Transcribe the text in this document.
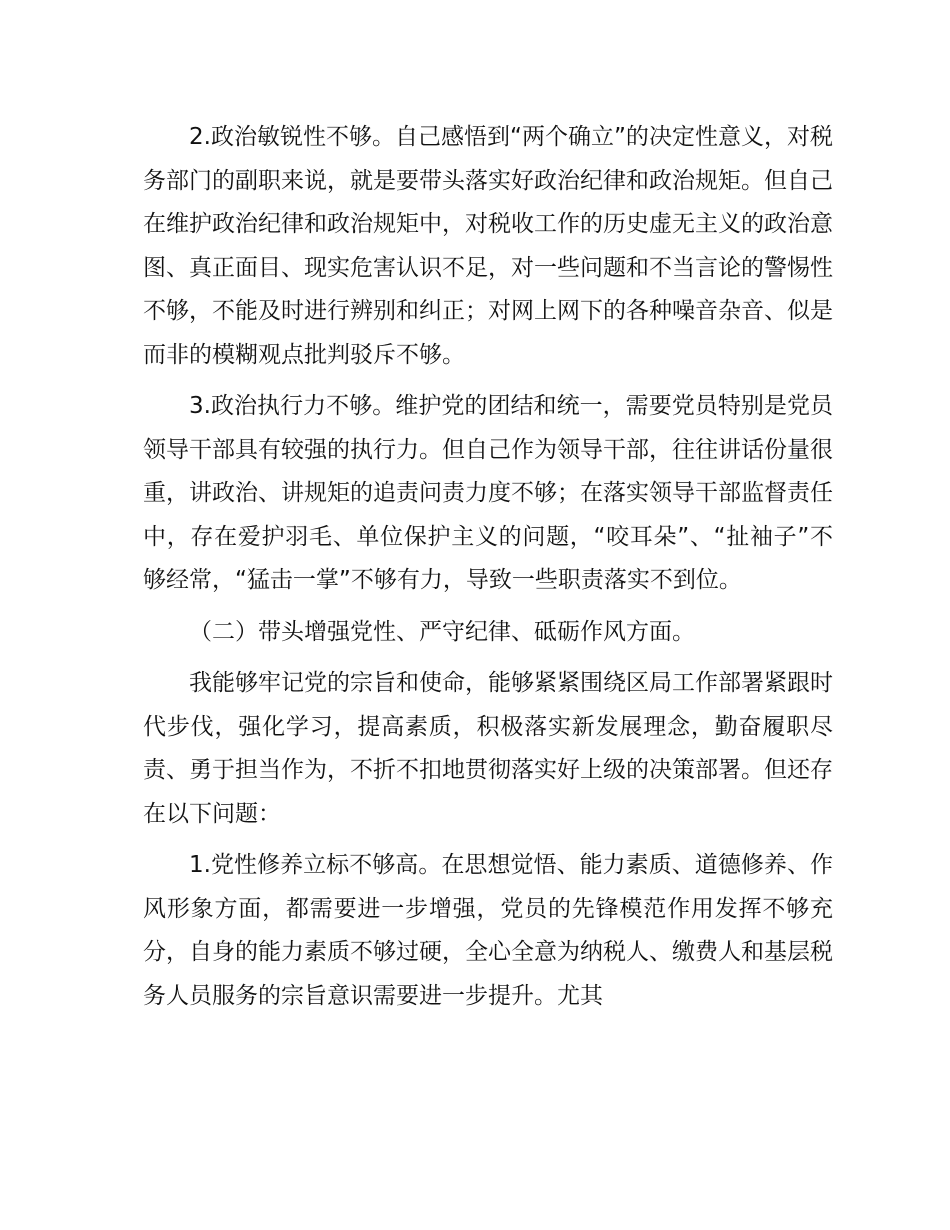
2.政治敏锐性不够。自己感悟到“两个确立”的决定性意义，对税务部门的副职来说，就是要带头落实好政治纪律和政治规矩。但自己在维护政治纪律和政治规矩中，对税收工作的历史虚无主义的政治意图、真正面目、现实危害认识不足，对一些问题和不当言论的警惕性不够，不能及时进行辨别和纠正；对网上网下的各种噪音杂音、似是而非的模糊观点批判驳斥不够。

3.政治执行力不够。维护党的团结和统一，需要党员特别是党员领导干部具有较强的执行力。但自己作为领导干部，往往讲话份量很重，讲政治、讲规矩的追责问责力度不够；在落实领导干部监督责任中，存在爱护羽毛、单位保护主义的问题，“咬耳朵”、“扯袖子”不够经常，“猛击一掌”不够有力，导致一些职责落实不到位。

（二）带头增强党性、严守纪律、砥砺作风方面。

我能够牢记党的宗旨和使命，能够紧紧围绕区局工作部署紧跟时代步伐，强化学习，提高素质，积极落实新发展理念，勤奋履职尽责、勇于担当作为，不折不扣地贯彻落实好上级的决策部署。但还存在以下问题：

1.党性修养立标不够高。在思想觉悟、能力素质、道德修养、作风形象方面，都需要进一步增强，党员的先锋模范作用发挥不够充分，自身的能力素质不够过硬，全心全意为纳税人、缴费人和基层税务人员服务的宗旨意识需要进一步提升。尤其
